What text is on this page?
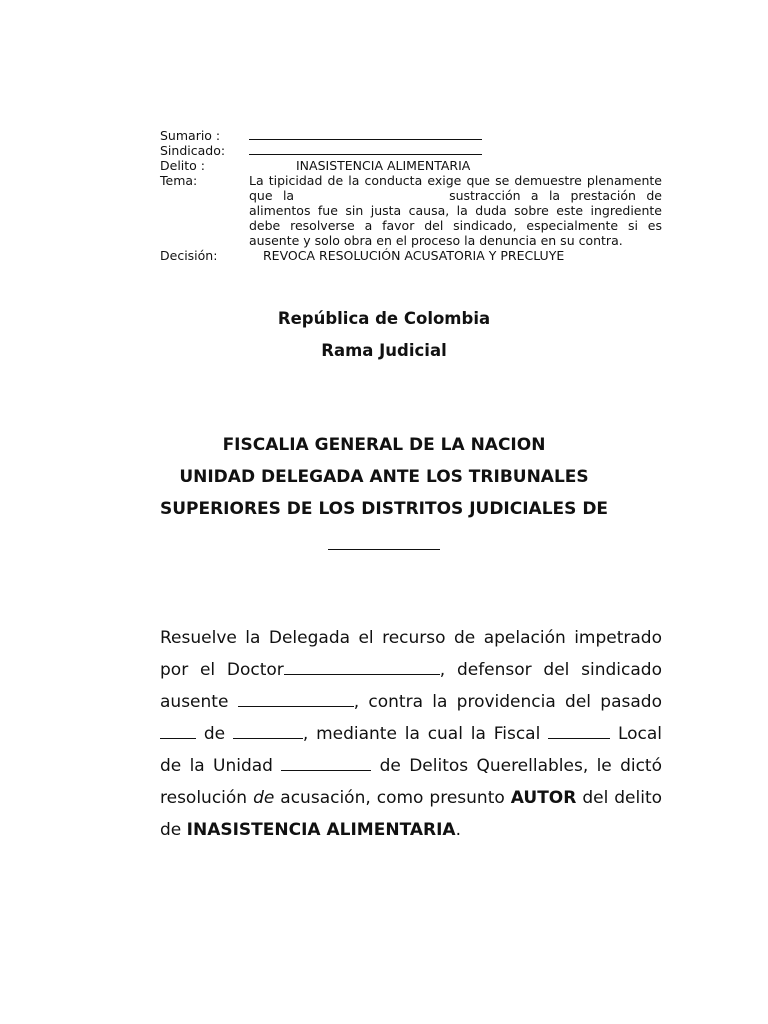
Sumario :
Sindicado:
Delito :	INASISTENCIA ALIMENTARIA
Tema:	La tipicidad de la conducta exige que se demuestre plenamente que la	sustracción a la prestación de alimentos fue sin justa causa, la duda sobre este ingrediente debe resolverse a favor del sindicado, especialmente si es ausente y solo obra en el proceso la denuncia en su contra.
Decisión:	REVOCA RESOLUCIÓN ACUSATORIA Y PRECLUYE
República de Colombia
Rama Judicial
FISCALIA GENERAL DE LA NACION
UNIDAD DELEGADA ANTE LOS TRIBUNALES
SUPERIORES DE LOS DISTRITOS JUDICIALES DE
Resuelve la Delegada el recurso de apelación impetrado por el Doctor	, defensor del sindicado ausente	, contra la providencia del pasado  de	, mediante la cual la Fiscal	Local de la Unidad	de Delitos Querellables, le dictó resolución de acusación, como presunto AUTOR del delito de INASISTENCIA ALIMENTARIA.
